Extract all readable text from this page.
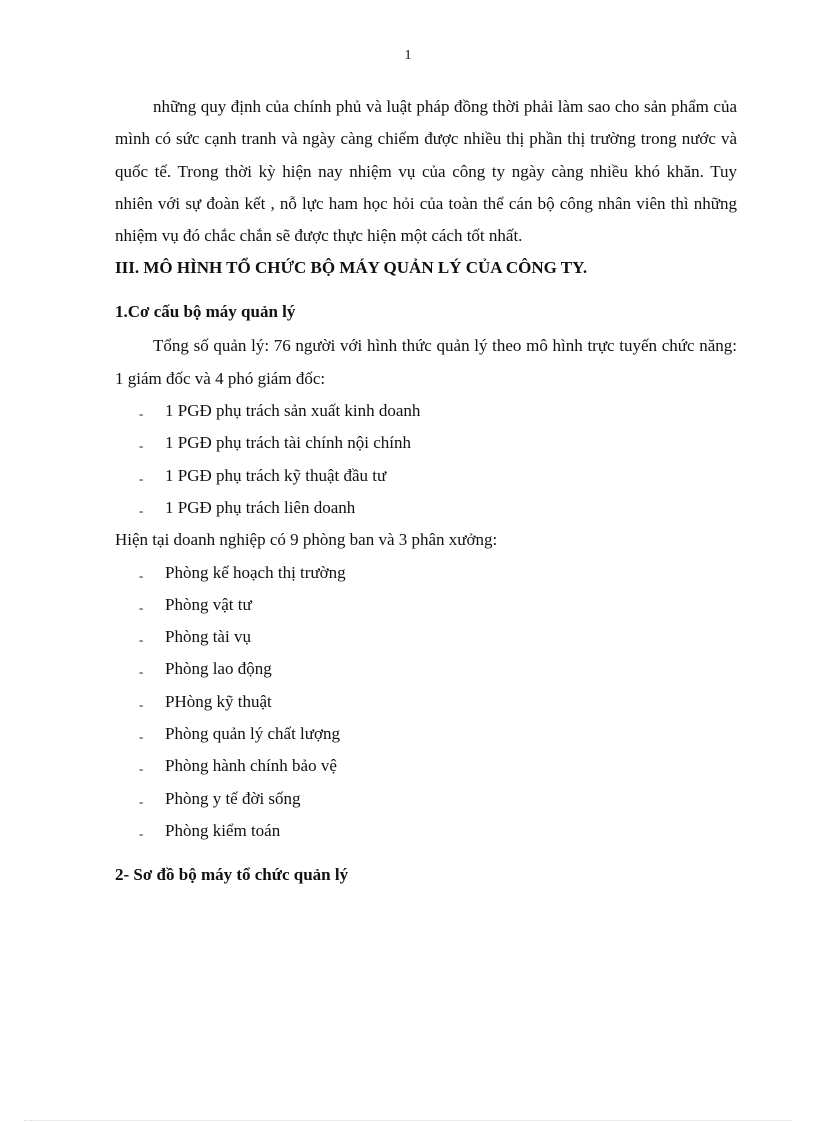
1

những quy định của chính phủ và luật pháp đồng thời phải làm sao cho sản phẩm của mình có sức cạnh tranh và ngày càng chiếm được nhiều thị phần thị trường trong nước và quốc tế. Trong thời kỳ hiện nay nhiệm vụ của công ty ngày càng nhiều khó khăn. Tuy nhiên với sự đoàn kết , nỗ lực ham học hỏi của toàn thể cán bộ công nhân viên thì những nhiệm vụ đó chắc chắn sẽ được thực hiện một cách tốt nhất.

III. MÔ HÌNH TỔ CHỨC BỘ MÁY QUẢN LÝ CỦA CÔNG TY.
1.Cơ cấu bộ máy quản lý

Tổng số quản lý: 76 người với hình thức quản lý theo mô hình trực tuyến chức năng: 1 giám đốc và 4 phó giám đốc:

‐ 1 PGĐ phụ trách sản xuất kinh doanh
‐ 1 PGĐ phụ trách tài chính nội chính
‐ 1 PGĐ phụ trách kỹ thuật đầu tư
‐ 1 PGĐ phụ trách liên doanh

Hiện tại doanh nghiệp có 9 phòng ban và 3 phân xưởng:

‐ Phòng kế hoạch thị trường
‐ Phòng vật tư
‐ Phòng tài vụ
‐ Phòng lao động
‐ PHòng kỹ thuật
‐ Phòng quản lý chất lượng
‐ Phòng hành chính bảo vệ
‐ Phòng y tế đời sống
‐ Phòng kiểm toán
2- Sơ đồ bộ máy tổ chức quản lý
